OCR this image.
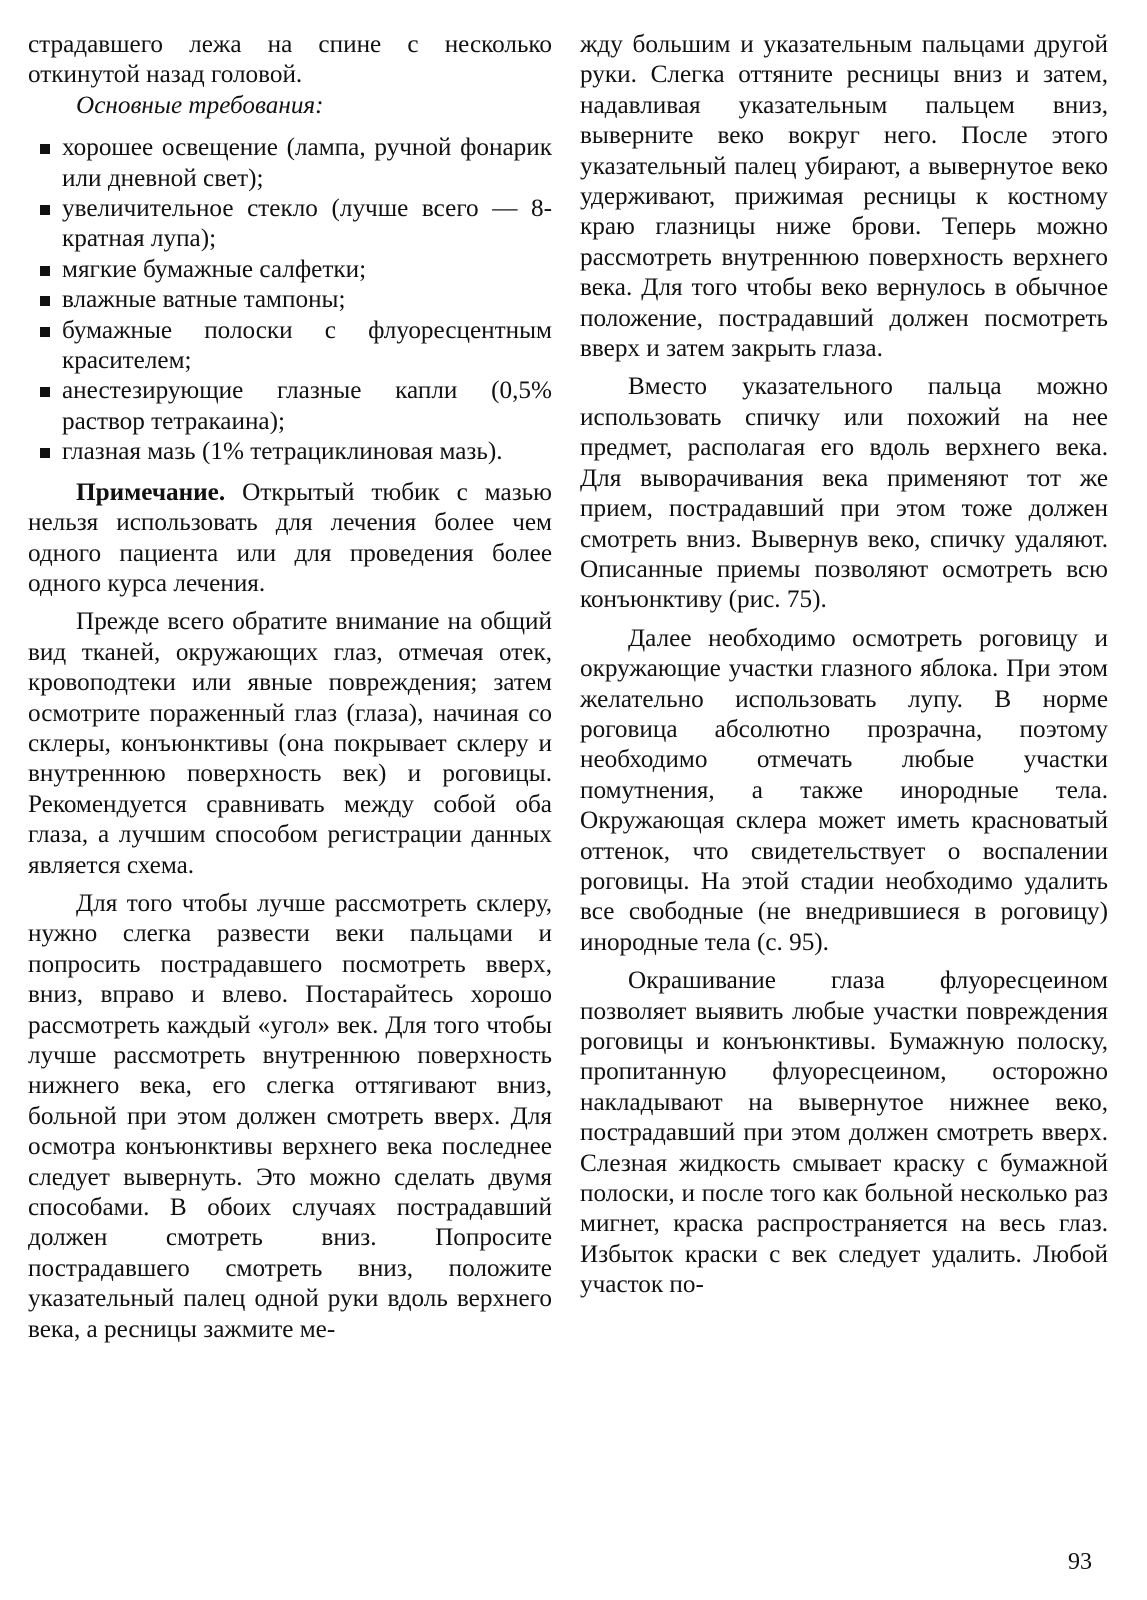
страдавшего лежа на спине с несколько откинутой назад головой.

Основные требования:

хорошее освещение (лампа, ручной фонарик или дневной свет);
увеличительное стекло (лучше всего — 8-кратная лупа);
мягкие бумажные салфетки;
влажные ватные тампоны;
бумажные полоски с флуоресцентным красителем;
анестезирующие глазные капли (0,5% раствор тетракаина);
глазная мазь (1% тетрациклиновая мазь).

Примечание. Открытый тюбик с мазью нельзя использовать для лечения более чем одного пациента или для проведения более одного курса лечения.

Прежде всего обратите внимание на общий вид тканей, окружающих глаз, отмечая отек, кровоподтеки или явные повреждения; затем осмотрите пораженный глаз (глаза), начиная со склеры, конъюнктивы (она покрывает склеру и внутреннюю поверхность век) и роговицы. Рекомендуется сравнивать между собой оба глаза, а лучшим способом регистрации данных является схема.

Для того чтобы лучше рассмотреть склеру, нужно слегка развести веки пальцами и попросить пострадавшего посмотреть вверх, вниз, вправо и влево. Постарайтесь хорошо рассмотреть каждый «угол» век. Для того чтобы лучше рассмотреть внутреннюю поверхность нижнего века, его слегка оттягивают вниз, больной при этом должен смотреть вверх. Для осмотра конъюнктивы верхнего века последнее следует вывернуть. Это можно сделать двумя способами. В обоих случаях пострадавший должен смотреть вниз. Попросите пострадавшего смотреть вниз, положите указательный палец одной руки вдоль верхнего века, а ресницы зажмите ме-

жду большим и указательным пальцами другой руки. Слегка оттяните ресницы вниз и затем, надавливая указательным пальцем вниз, выверните веко вокруг него. После этого указательный палец убирают, а вывернутое веко удерживают, прижимая ресницы к костному краю глазницы ниже брови. Теперь можно рассмотреть внутреннюю поверхность верхнего века. Для того чтобы веко вернулось в обычное положение, пострадавший должен посмотреть вверх и затем закрыть глаза.

Вместо указательного пальца можно использовать спичку или похожий на нее предмет, располагая его вдоль верхнего века. Для выворачивания века применяют тот же прием, пострадавший при этом тоже должен смотреть вниз. Вывернув веко, спичку удаляют. Описанные приемы позволяют осмотреть всю конъюнктиву (рис. 75).

Далее необходимо осмотреть роговицу и окружающие участки глазного яблока. При этом желательно использовать лупу. В норме роговица абсолютно прозрачна, поэтому необходимо отмечать любые участки помутнения, а также инородные тела. Окружающая склера может иметь красноватый оттенок, что свидетельствует о воспалении роговицы. На этой стадии необходимо удалить все свободные (не внедрившиеся в роговицу) инородные тела (с. 95).

Окрашивание глаза флуоресцеином позволяет выявить любые участки повреждения роговицы и конъюнктивы. Бумажную полоску, пропитанную флуоресцеином, осторожно накладывают на вывернутое нижнее веко, пострадавший при этом должен смотреть вверх. Слезная жидкость смывает краску с бумажной полоски, и после того как больной несколько раз мигнет, краска распространяется на весь глаз. Избыток краски с век следует удалить. Любой участок по-

93
